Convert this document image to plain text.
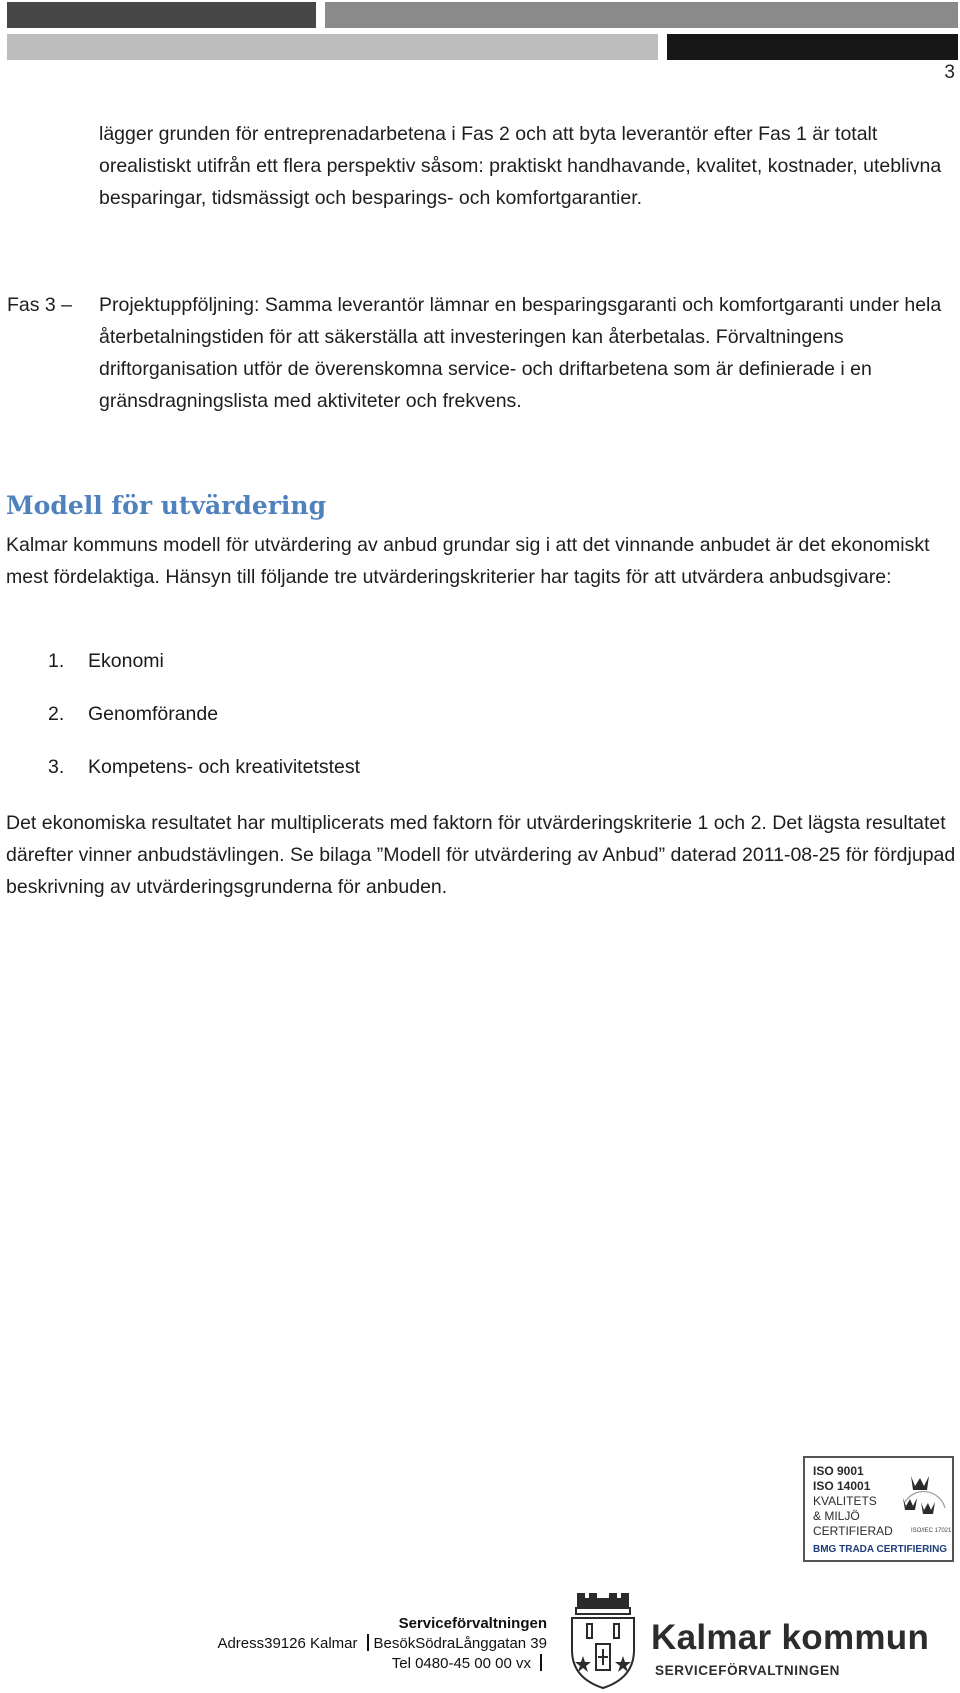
3
lägger grunden för entreprenadarbetena i Fas 2 och att byta leverantör efter Fas 1 är totalt orealistiskt utifrån ett flera perspektiv såsom: praktiskt handhavande, kvalitet, kostnader, uteblivna besparingar, tidsmässigt och besparings- och komfortgarantier.
Fas 3 – Projektuppföljning: Samma leverantör lämnar en besparingsgaranti och komfortgaranti under hela återbetalningstiden för att säkerställa att investeringen kan återbetalas. Förvaltningens driftorganisation utför de överenskomna service- och driftarbetena som är definierade i en gränsdragningslista med aktiviteter och frekvens.
Modell för utvärdering
Kalmar kommuns modell för utvärdering av anbud grundar sig i att det vinnande anbudet är det ekonomiskt mest fördelaktiga. Hänsyn till följande tre utvärderingskriterier har tagits för att utvärdera anbudsgivare:
1. Ekonomi
2. Genomförande
3. Kompetens- och kreativitetstest
Det ekonomiska resultatet har multiplicerats med faktorn för utvärderingskriterie 1 och 2. Det lägsta resultatet därefter vinner anbudstävlingen. Se bilaga ”Modell för utvärdering av Anbud” daterad 2011-08-25 för fördjupad beskrivning av utvärderingsgrunderna för anbuden.
ISO 9001
ISO 14001
KVALITETS
& MILJÖ
CERTIFIERAD	ISO/IEC 17021
BMG TRADA CERTIFIERING
Serviceförvaltningen
Adress39126 Kalmar BesökSödraLånggatan 39
Tel 0480-45 00 00 vx
Kalmar kommun
SERVICEFÖRVALTNINGEN
